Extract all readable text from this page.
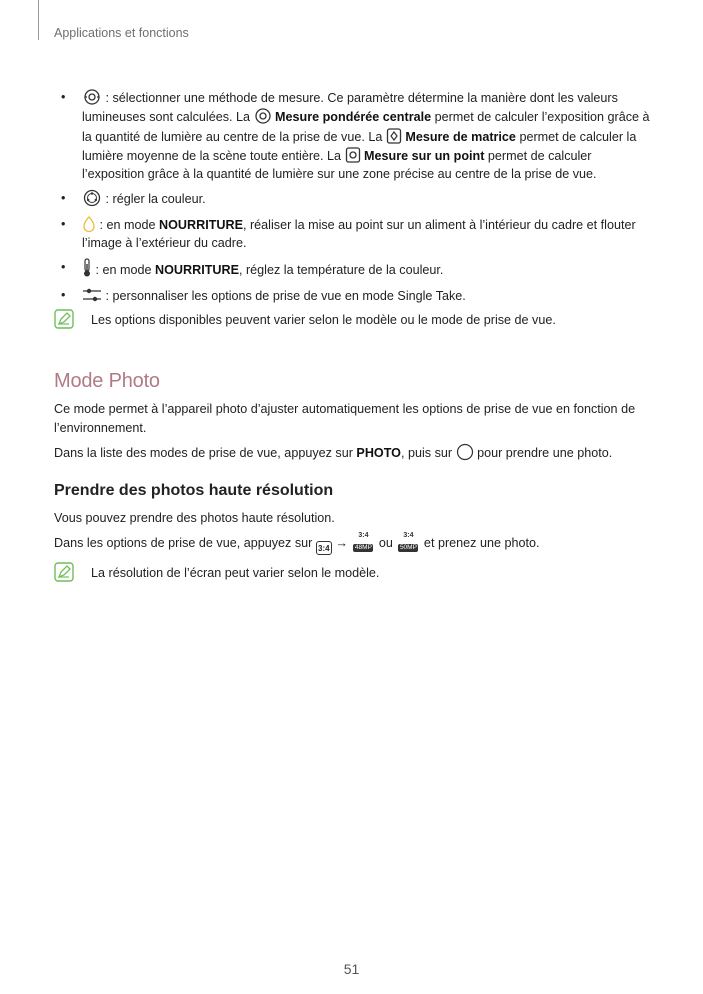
Applications et fonctions
• : sélectionner une méthode de mesure. Ce paramètre détermine la manière dont les valeurs lumineuses sont calculées. La
Mesure pondérée centrale permet de calculer l’exposition grâce à la quantité de lumière au centre de la prise de vue. La
Mesure de matrice permet de calculer la lumière moyenne de la scène toute entière. La
Mesure sur un point permet de calculer l’exposition grâce à la quantité de lumière sur une zone précise au centre de la prise de vue.
• : régler la couleur.
• : en mode NOURRITURE, réaliser la mise au point sur un aliment à l’intérieur du cadre et flouter l’image à l’extérieur du cadre.
• : en mode NOURRITURE, réglez la température de la couleur.
• : personnaliser les options de prise de vue en mode Single Take.
Les options disponibles peuvent varier selon le modèle ou le mode de prise de vue.
Mode Photo

Ce mode permet à l’appareil photo d’ajuster automatiquement les options de prise de vue en fonction de l’environnement.

Dans la liste des modes de prise de vue, appuyez sur PHOTO, puis sur
pour prendre une photo.

Prendre des photos haute résolution

Vous pouvez prendre des photos haute résolution.

Dans les options de prise de vue, appuyez sur 3:4 →
3:4
48MP ou
3:4
50MP et prenez une photo.

La résolution de l’écran peut varier selon le modèle.
51
